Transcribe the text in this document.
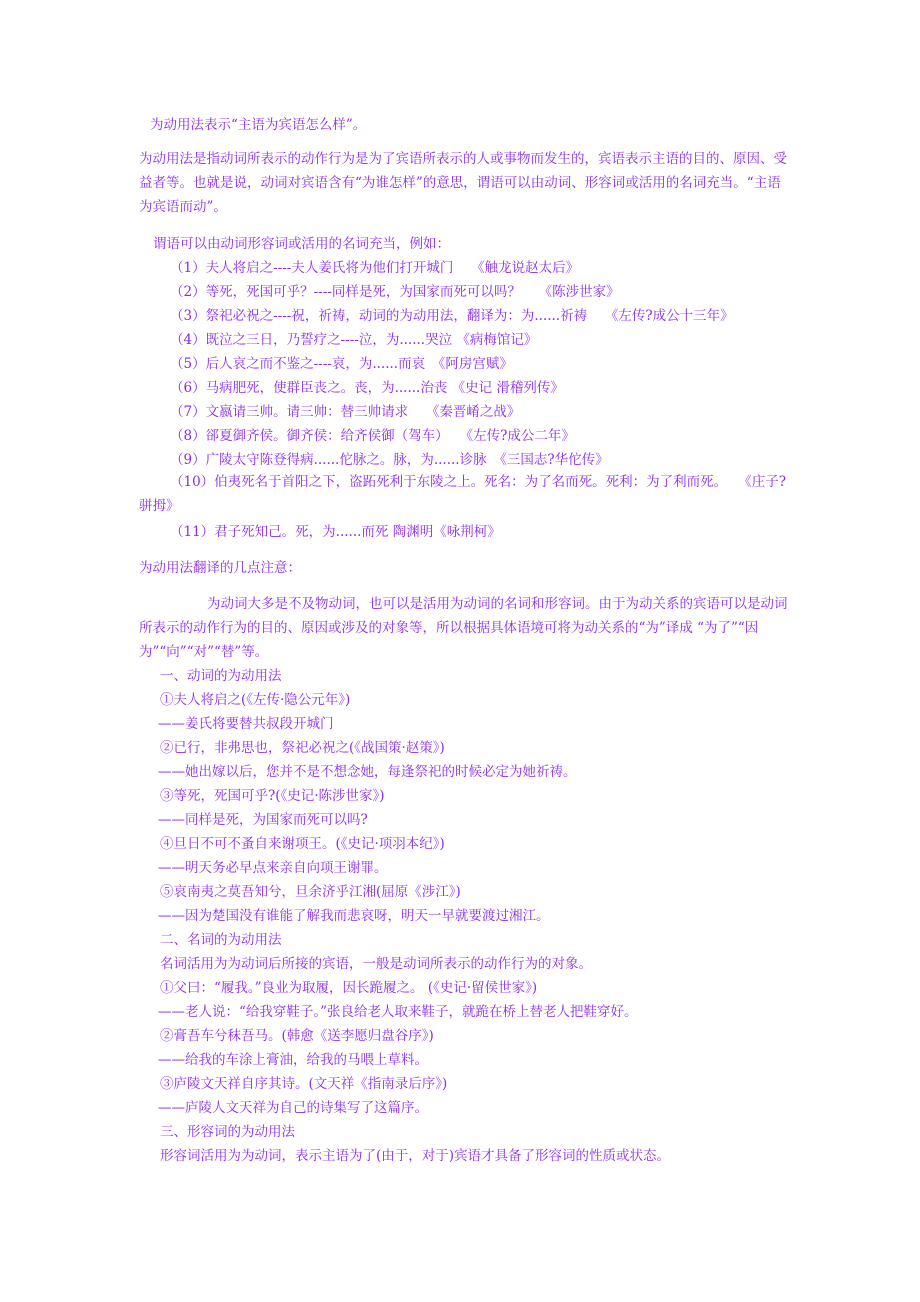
为动用法表示“主语为宾语怎么样”。
为动用法是指动词所表示的动作行为是为了宾语所表示的人或事物而发生的，宾语表示主语的目的、原因、受益者等。也就是说，动词对宾语含有“为谁怎样”的意思，谓语可以由动词、形容词或活用的名词充当。“主语为宾语而动”。
谓语可以由动词形容词或活用的名词充当，例如：
（1）夫人将启之----夫人姜氏将为他们打开城门　 《触龙说赵太后》
（2）等死，死国可乎？----同样是死，为国家而死可以吗？　 《陈涉世家》
（3）祭祀必祝之----祝，祈祷，动词的为动用法，翻译为：为......祈祷　 《左传?成公十三年》
（4）既泣之三日，乃誓疗之----泣，为......哭泣 《病梅馆记》
（5）后人哀之而不鉴之----哀，为......而哀　《阿房宫赋》
（6）马病肥死，使群臣丧之。丧，为......治丧 《史记 滑稽列传》
（7）文嬴请三帅。请三帅：替三帅请求　 《秦晋崤之战》
（8）郤夏御齐侯。御齐侯：给齐侯御（驾车）　 《左传?成公二年》
（9）广陵太守陈登得病......佗脉之。脉，为......诊脉　《三国志?华佗传》
（10）伯夷死名于首阳之下，盗跖死利于东陵之上。死名：为了名而死。死利：为了利而死。　 《庄子?骈拇》
（11）君子死知己。死，为......而死 陶渊明《咏荆柯》
为动用法翻译的几点注意：
为动词大多是不及物动词，也可以是活用为动词的名词和形容词。由于为动关系的宾语可以是动词所表示的动作行为的目的、原因或涉及的对象等，所以根据具体语境可将为动关系的“为”译成 “为了”“因为”“向”“对”“替”等。
一、动词的为动用法
①夫人将启之(《左传·隐公元年》)
——姜氏将要替共叔段开城门
②已行，非弗思也，祭祀必祝之(《战国策·赵策》)
——她出嫁以后，您并不是不想念她，每逢祭祀的时候必定为她祈祷。
③等死，死国可乎?(《史记·陈涉世家》)
——同样是死，为国家而死可以吗?
④旦日不可不蚤自来谢项王。(《史记·项羽本纪》)
——明天务必早点来亲自向项王谢罪。
⑤哀南夷之莫吾知兮，旦余济乎江湘(屈原《涉江》)
——因为楚国没有谁能了解我而悲哀呀，明天一早就要渡过湘江。
二、名词的为动用法
名词活用为为动词后所接的宾语，一般是动词所表示的动作行为的对象。
①父曰：“履我。”良业为取履，因长跪履之。 (《史记·留侯世家》)
——老人说：“给我穿鞋子。”张良给老人取来鞋子，就跪在桥上替老人把鞋穿好。
②膏吾车兮秣吾马。(韩愈《送李愿归盘谷序》)
——给我的车涂上膏油，给我的马喂上草料。
③庐陵文天祥自序其诗。(文天祥《指南录后序》)
——庐陵人文天祥为自己的诗集写了这篇序。
三、形容词的为动用法
形容词活用为为动词，表示主语为了(由于，对于)宾语才具备了形容词的性质或状态。
